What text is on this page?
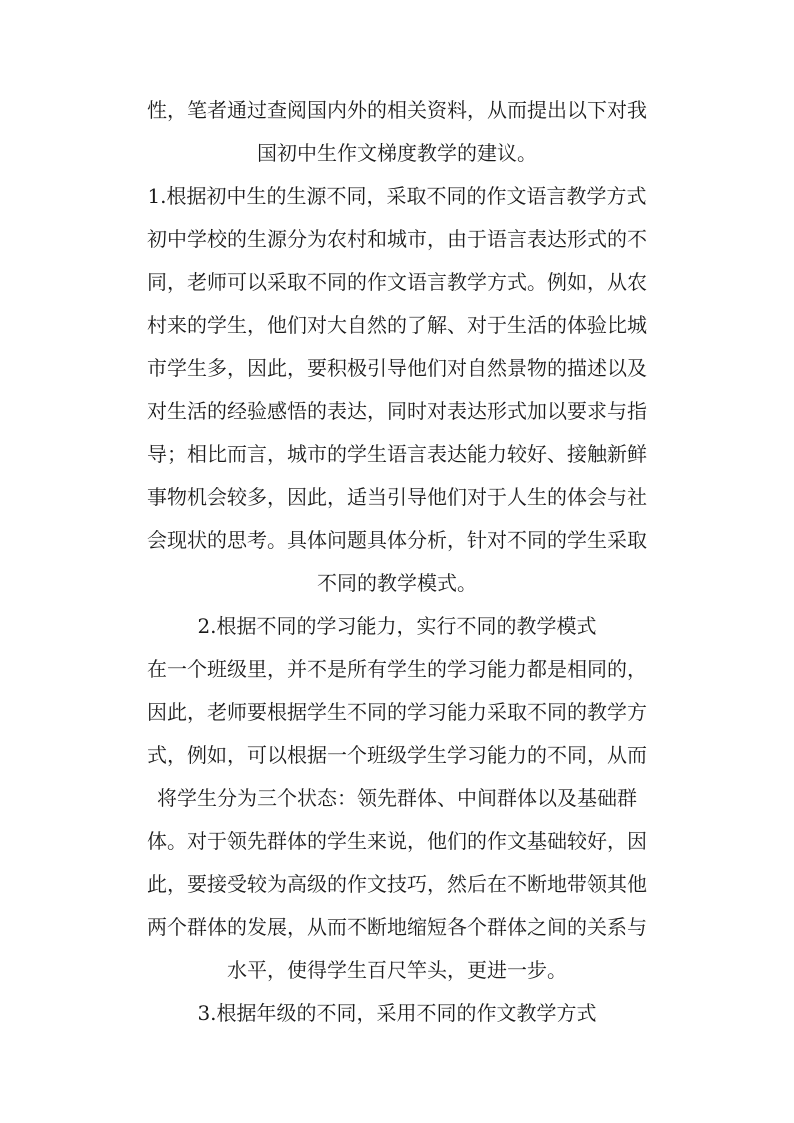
性，笔者通过查阅国内外的相关资料，从而提出以下对我
国初中生作文梯度教学的建议。
1.根据初中生的生源不同，采取不同的作文语言教学方式
初中学校的生源分为农村和城市，由于语言表达形式的不
同，老师可以采取不同的作文语言教学方式。例如，从农
村来的学生，他们对大自然的了解、对于生活的体验比城
市学生多，因此，要积极引导他们对自然景物的描述以及
对生活的经验感悟的表达，同时对表达形式加以要求与指
导；相比而言，城市的学生语言表达能力较好、接触新鲜
事物机会较多，因此，适当引导他们对于人生的体会与社
会现状的思考。具体问题具体分析，针对不同的学生采取
不同的教学模式。
2.根据不同的学习能力，实行不同的教学模式
在一个班级里，并不是所有学生的学习能力都是相同的，
因此，老师要根据学生不同的学习能力采取不同的教学方
式，例如，可以根据一个班级学生学习能力的不同，从而
将学生分为三个状态：领先群体、中间群体以及基础群
体。对于领先群体的学生来说，他们的作文基础较好，因
此，要接受较为高级的作文技巧，然后在不断地带领其他
两个群体的发展，从而不断地缩短各个群体之间的关系与
水平，使得学生百尺竿头，更进一步。
3.根据年级的不同，采用不同的作文教学方式
